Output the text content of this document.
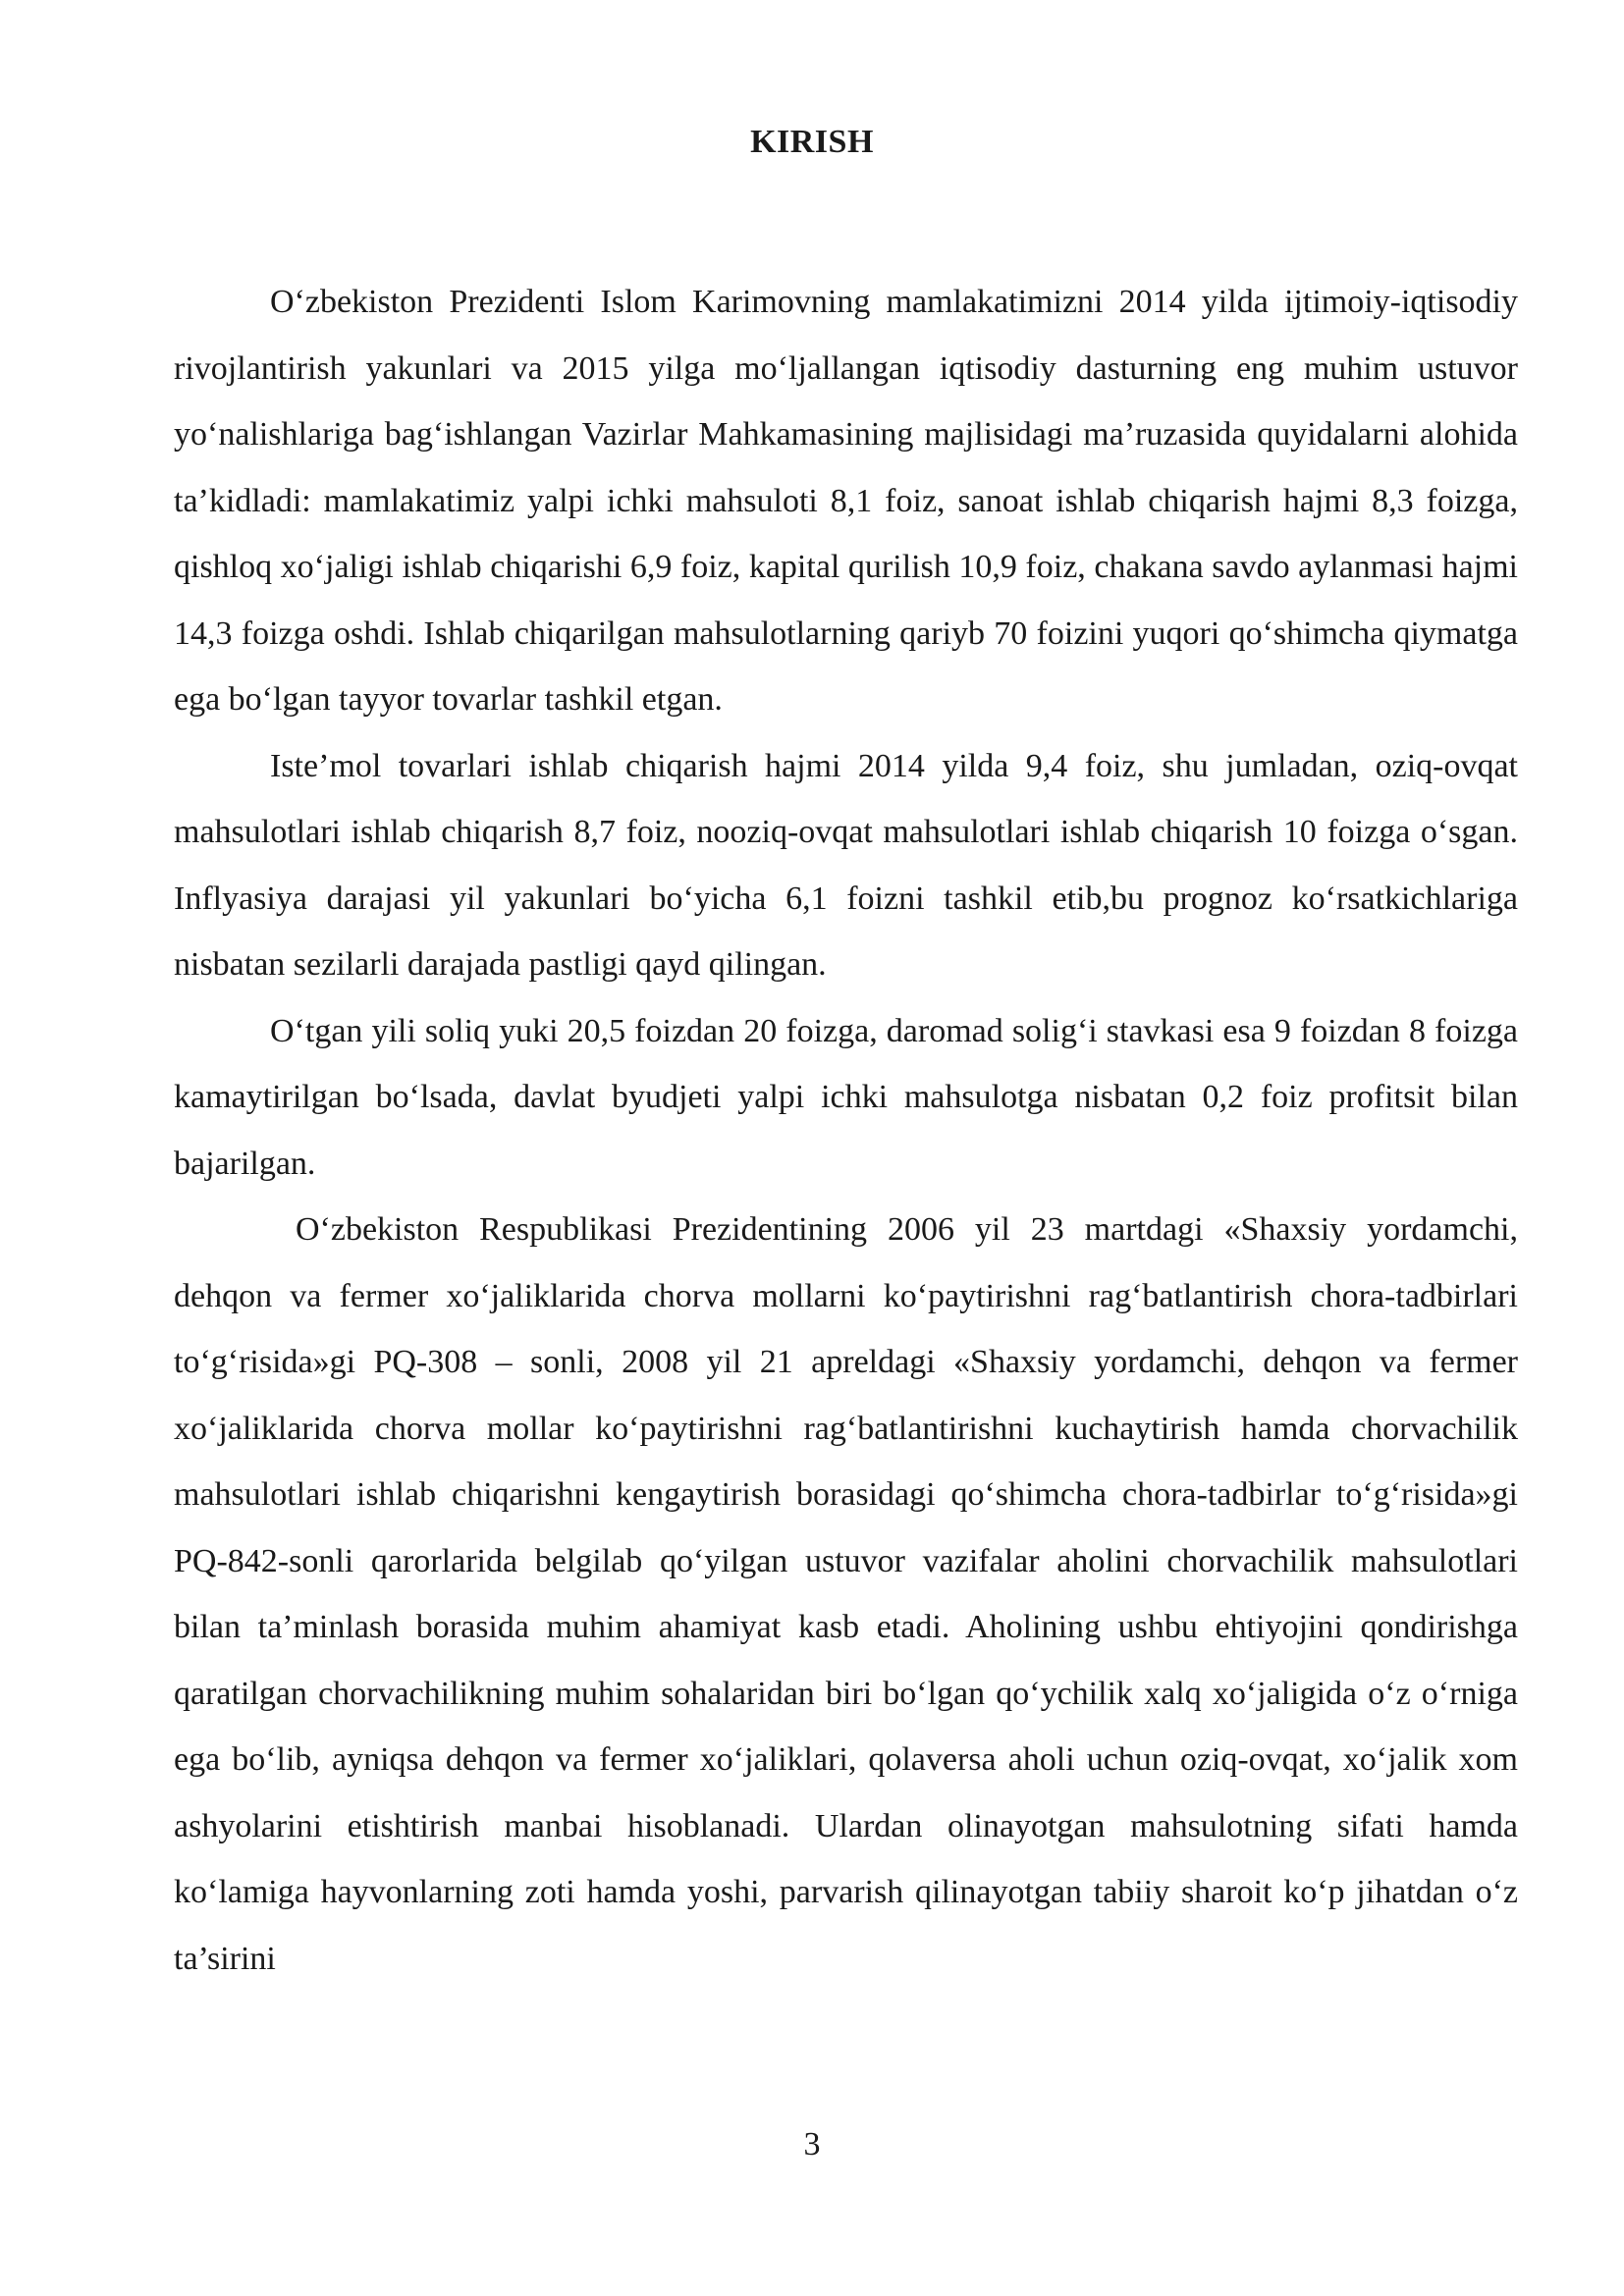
KIRISH

O‘zbekiston Prezidenti Islom Karimovning mamlakatimizni 2014 yilda ijtimoiy-iqtisodiy rivojlantirish yakunlari va 2015 yilga mo‘ljallangan iqtisodiy dasturning eng muhim ustuvor yo‘nalishlariga bag‘ishlangan Vazirlar Mahkamasining majlisidagi ma’ruzasida quyidalarni alohida ta’kidladi: mamlakatimiz yalpi ichki mahsuloti 8,1 foiz, sanoat ishlab chiqarish hajmi 8,3 foizga, qishloq xo‘jaligi ishlab chiqarishi 6,9 foiz, kapital qurilish 10,9 foiz, chakana savdo aylanmasi hajmi 14,3 foizga oshdi. Ishlab chiqarilgan mahsulotlarning qariyb 70 foizini yuqori qo‘shimcha qiymatga ega bo‘lgan tayyor tovarlar tashkil etgan.

Iste’mol tovarlari ishlab chiqarish hajmi 2014 yilda 9,4 foiz, shu jumladan, oziq-ovqat mahsulotlari ishlab chiqarish 8,7 foiz, nooziq-ovqat mahsulotlari ishlab chiqarish 10 foizga o‘sgan. Inflyasiya darajasi yil yakunlari bo‘yicha 6,1 foizni tashkil etib,bu prognoz ko‘rsatkichlariga nisbatan sezilarli darajada pastligi qayd qilingan.

O‘tgan yili soliq yuki 20,5 foizdan 20 foizga, daromad solig‘i stavkasi esa 9 foizdan 8 foizga kamaytirilgan bo‘lsada, davlat byudjeti yalpi ichki mahsulotga nisbatan 0,2 foiz profitsit bilan bajarilgan.

O‘zbekiston Respublikasi Prezidentining 2006 yil 23 martdagi «Shaxsiy yordamchi, dehqon va fermer xo‘jaliklarida chorva mollarni ko‘paytirishni rag‘batlantirish chora-tadbirlari to‘g‘risida»gi PQ-308 – sonli, 2008 yil 21 apreldagi «Shaxsiy yordamchi, dehqon va fermer xo‘jaliklarida chorva mollar ko‘paytirishni rag‘batlantirishni kuchaytirish hamda chorvachilik mahsulotlari ishlab chiqarishni kengaytirish borasidagi qo‘shimcha chora-tadbirlar to‘g‘risida»gi PQ-842-sonli qarorlarida belgilab qo‘yilgan ustuvor vazifalar aholini chorvachilik mahsulotlari bilan ta’minlash borasida muhim ahamiyat kasb etadi. Aholining ushbu ehtiyojini qondirishga qaratilgan chorvachilikning muhim sohalaridan biri bo‘lgan qo‘ychilik xalq xo‘jaligida o‘z o‘rniga ega bo‘lib, ayniqsa dehqon va fermer xo‘jaliklari, qolaversa aholi uchun oziq-ovqat, xo‘jalik xom ashyolarini etishtirish manbai hisoblanadi. Ulardan olinayotgan mahsulotning sifati hamda ko‘lamiga hayvonlarning zoti hamda yoshi, parvarish qilinayotgan tabiiy sharoit ko‘p jihatdan o‘z ta’sirini

3
